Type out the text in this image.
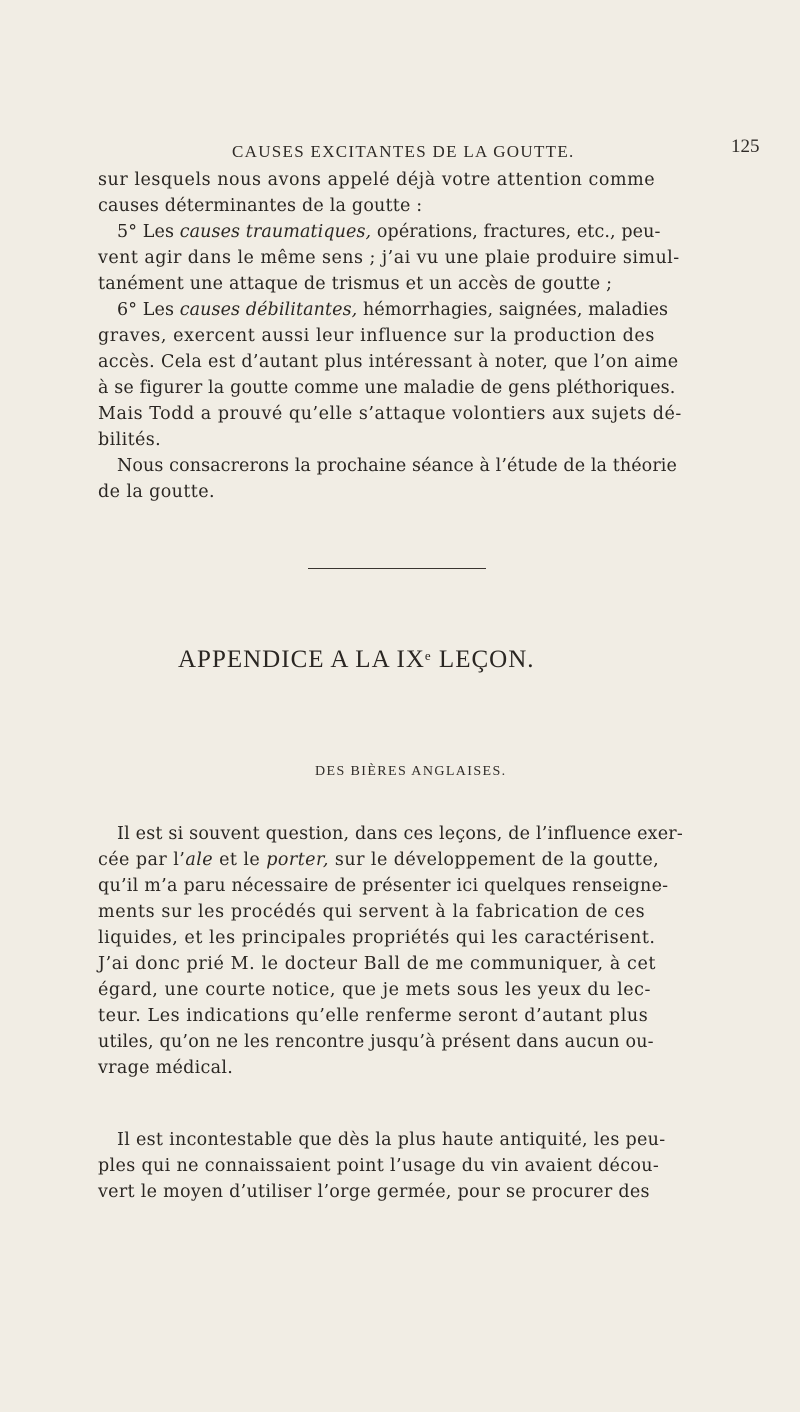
CAUSES EXCITANTES DE LA GOUTTE.	125
sur lesquels nous avons appelé déjà votre attention comme
causes déterminantes de la goutte :
5° Les causes traumatiques, opérations, fractures, etc., peu-
vent agir dans le même sens ; j’ai vu une plaie produire simul-
tanément une attaque de trismus et un accès de goutte ;
6° Les causes débilitantes, hémorrhagies, saignées, maladies
graves, exercent aussi leur influence sur la production des
accès. Cela est d’autant plus intéressant à noter, que l’on aime
à se figurer la goutte comme une maladie de gens pléthoriques.
Mais Todd a prouvé qu’elle s’attaque volontiers aux sujets dé-
bilités.
Nous consacrerons la prochaine séance à l’étude de la théorie
de la goutte.
APPENDICE A LA IXe LEÇON.
DES BIÈRES ANGLAISES.
Il est si souvent question, dans ces leçons, de l’influence exer-
cée par l’ale et le porter, sur le développement de la goutte,
qu’il m’a paru nécessaire de présenter ici quelques renseigne-
ments sur les procédés qui servent à la fabrication de ces
liquides, et les principales propriétés qui les caractérisent.
J’ai donc prié M. le docteur Ball de me communiquer, à cet
égard, une courte notice, que je mets sous les yeux du lec-
teur. Les indications qu’elle renferme seront d’autant plus
utiles, qu’on ne les rencontre jusqu’à présent dans aucun ou-
vrage médical.
Il est incontestable que dès la plus haute antiquité, les peu-
ples qui ne connaissaient point l’usage du vin avaient décou-
vert le moyen d’utiliser l’orge germée, pour se procurer des
